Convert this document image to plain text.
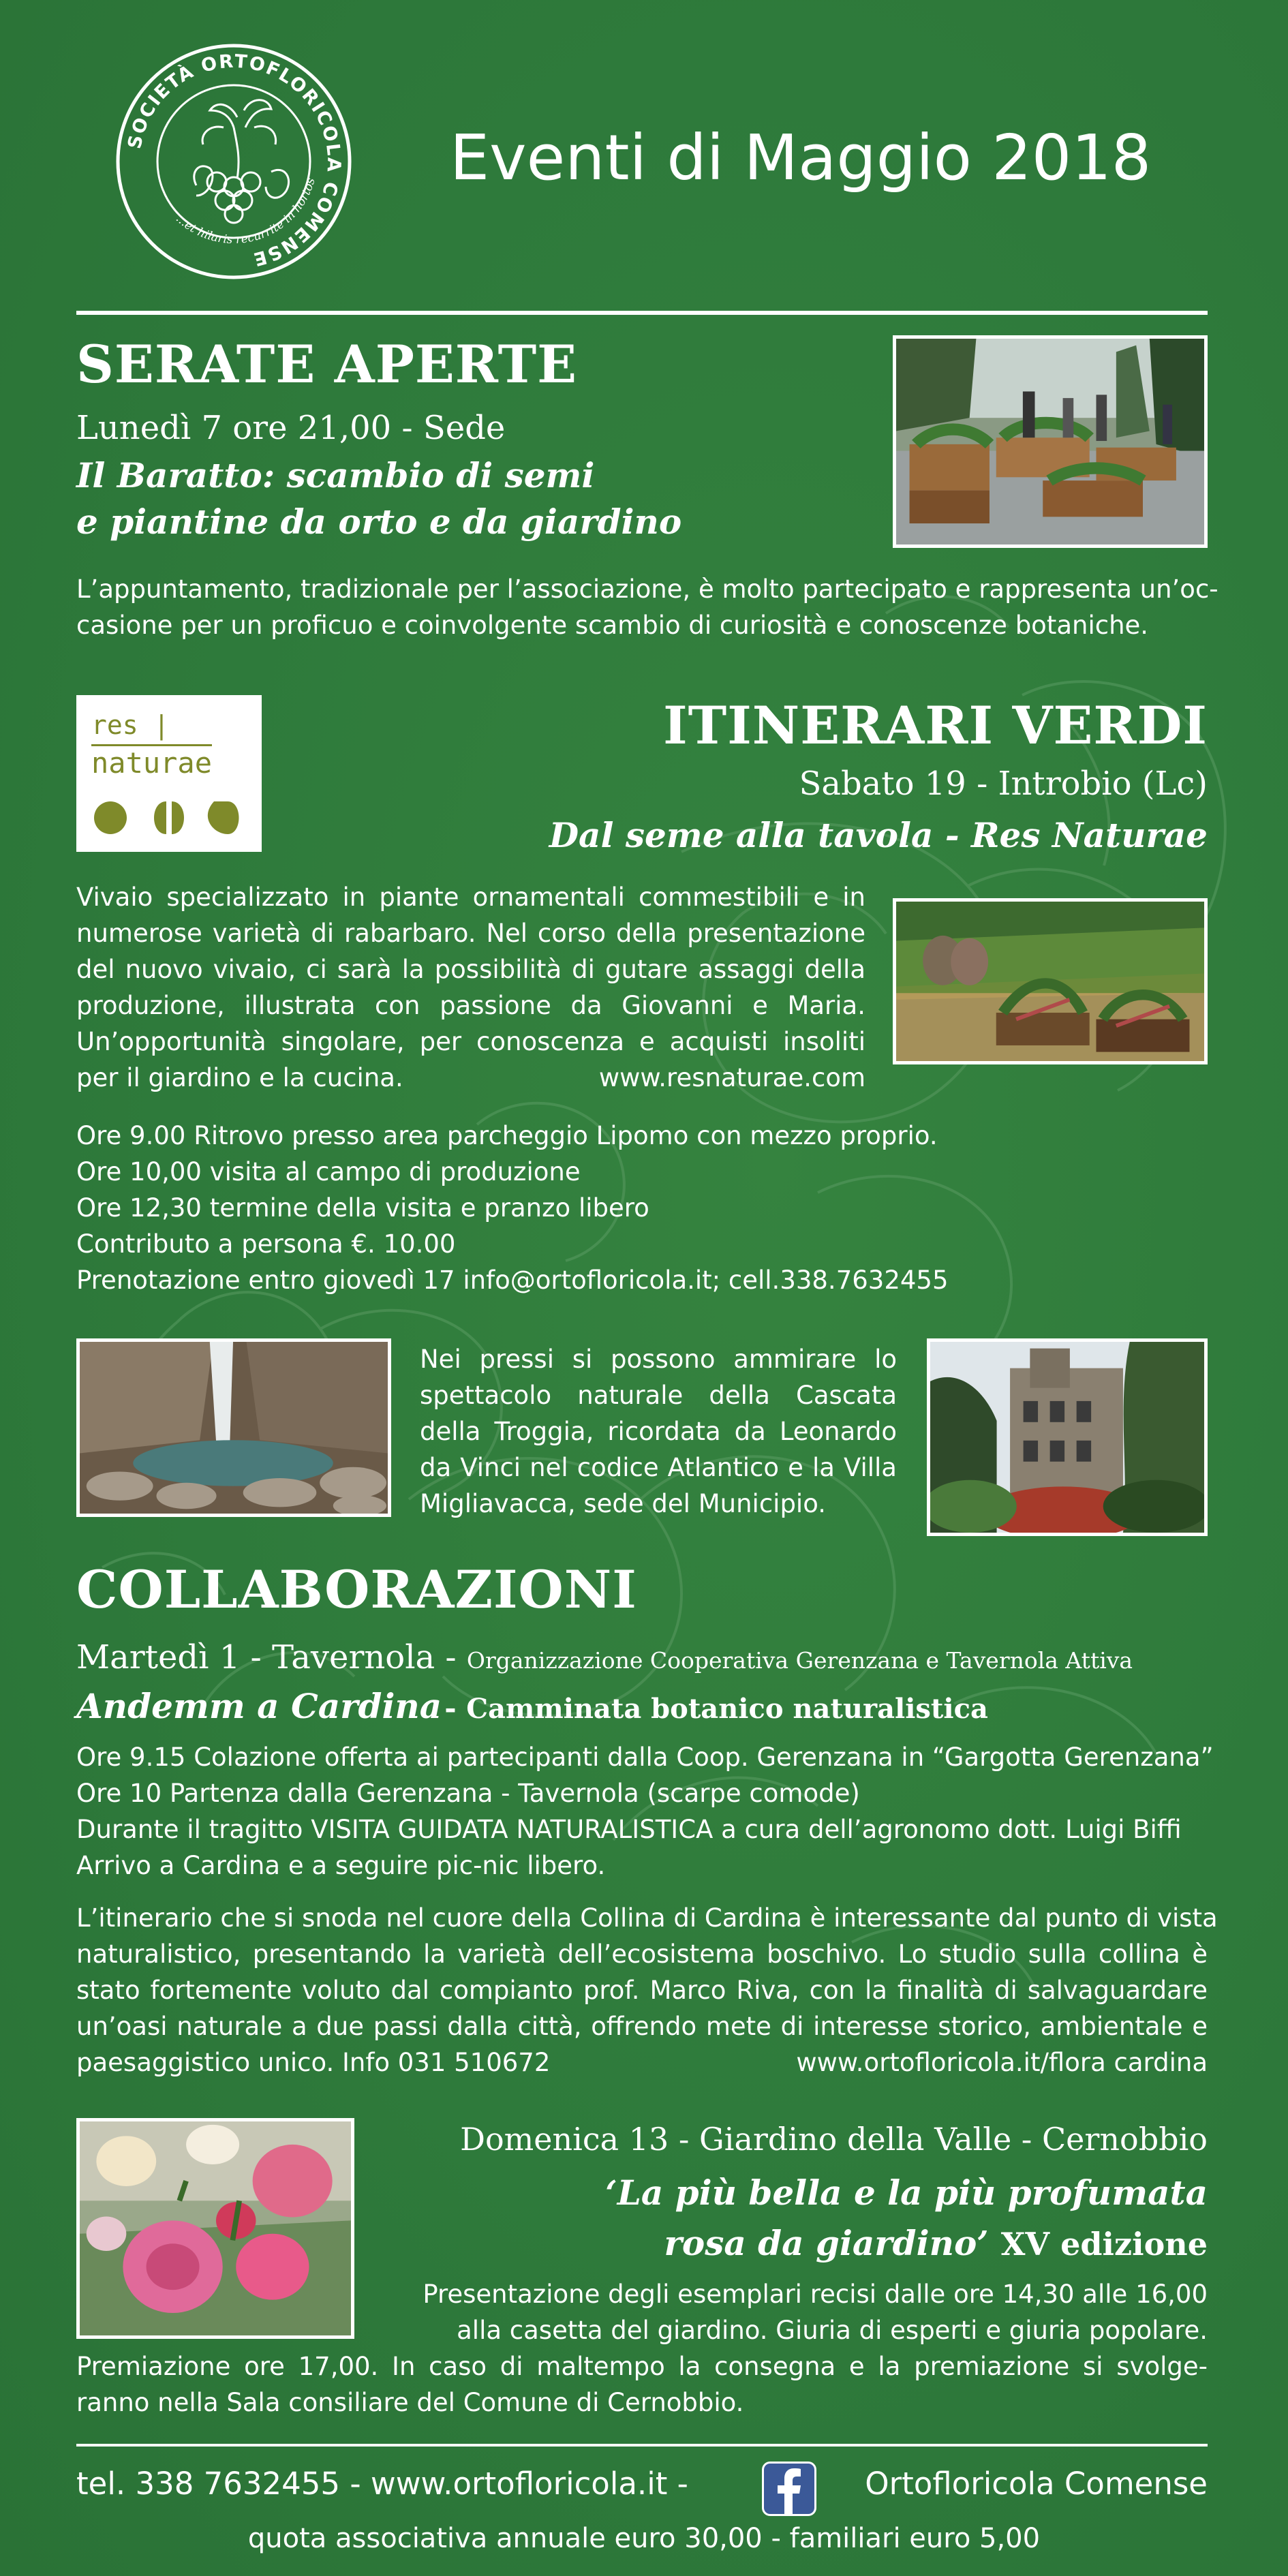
SOCIETÀ ORTOFLORICOLA COMENSE
...et hilaris recurrite in hortos Eventi di Maggio 2018
SERATE APERTE
Lunedì 7 ore 21,00 - Sede
Il Baratto: scambio di semi
e piantine da orto e da giardino

L’appuntamento, tradizionale per l’associazione, è molto partecipato e rappresenta un’oc-
casione per un proficuo e coinvolgente scambio di curiosità e conoscenze botaniche.

res |
naturae
ITINERARI VERDI
Sabato 19 - Introbio (Lc)
Dal seme alla tavola - Res Naturae

Vivaio specializzato in piante ornamentali commestibili e in
numerose varietà di rabarbaro. Nel corso della presentazione
del nuovo vivaio, ci sarà la possibilità di gutare assaggi della
produzione, illustrata con passione da Giovanni e Maria.
Un’opportunità singolare, per conoscenza e acquisti insoliti
per il giardino e la cucina.	www.resnaturae.com

Ore 9.00 Ritrovo presso area parcheggio Lipomo con mezzo proprio.
Ore 10,00 visita al campo di produzione
Ore 12,30 termine della visita e pranzo libero
Contributo a persona €. 10.00
Prenotazione entro giovedì 17 info@ortofloricola.it; cell.338.7632455

Nei pressi si possono ammirare lo
spettacolo naturale della Cascata
della Troggia, ricordata da Leonardo
da Vinci nel codice Atlantico e la Villa
Migliavacca, sede del Municipio.

COLLABORAZIONI
Martedì 1 - Tavernola - Organizzazione Cooperativa Gerenzana e Tavernola Attiva
Andemm a Cardina - Camminata botanico naturalistica
Ore 9.15 Colazione offerta ai partecipanti dalla Coop. Gerenzana in “Gargotta Gerenzana”
Ore 10 Partenza dalla Gerenzana - Tavernola (scarpe comode)
Durante il tragitto VISITA GUIDATA NATURALISTICA a cura dell’agronomo dott. Luigi Biffi
Arrivo a Cardina e a seguire pic-nic libero.

L’itinerario che si snoda nel cuore della Collina di Cardina è interessante dal punto di vista
naturalistico, presentando la varietà dell’ecosistema boschivo. Lo studio sulla collina è
stato fortemente voluto dal compianto prof. Marco Riva, con la finalità di salvaguardare
un’oasi naturale a due passi dalla città, offrendo mete di interesse storico, ambientale e
paesaggistico unico. Info 031 510672	www.ortofloricola.it/flora cardina

Domenica 13 - Giardino della Valle - Cernobbio
‘La più bella e la più profumata
rosa da giardino’ XV edizione
Presentazione degli esemplari recisi dalle ore 14,30 alle 16,00
alla casetta del giardino. Giuria di esperti e giuria popolare.

Premiazione ore 17,00. In caso di maltempo la consegna e la premiazione si svolge-
ranno nella Sala consiliare del Comune di Cernobbio.

tel. 338 7632455 - www.ortofloricola.it -	Ortofloricola Comense
quota associativa annuale euro 30,00 - familiari euro 5,00
